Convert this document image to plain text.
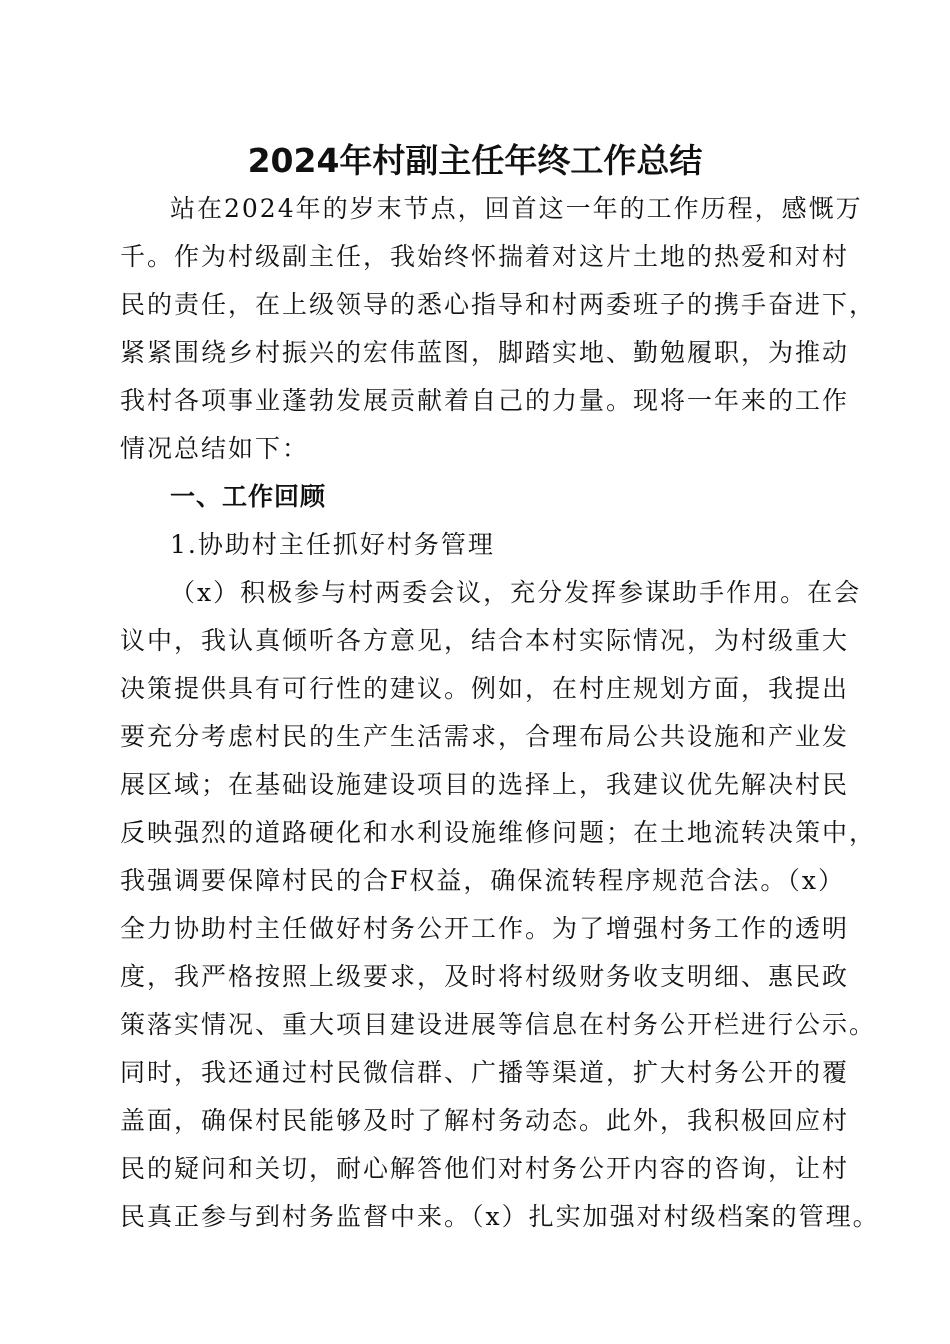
2024年村副主任年终工作总结
站在2024年的岁末节点，回首这一年的工作历程，感慨万
千。作为村级副主任，我始终怀揣着对这片土地的热爱和对村
民的责任，在上级领导的悉心指导和村两委班子的携手奋进下，
紧紧围绕乡村振兴的宏伟蓝图，脚踏实地、勤勉履职，为推动
我村各项事业蓬勃发展贡献着自己的力量。现将一年来的工作
情况总结如下：
一、工作回顾
1.协助村主任抓好村务管理
（x）积极参与村两委会议，充分发挥参谋助手作用。在会
议中，我认真倾听各方意见，结合本村实际情况，为村级重大
决策提供具有可行性的建议。例如，在村庄规划方面，我提出
要充分考虑村民的生产生活需求，合理布局公共设施和产业发
展区域；在基础设施建设项目的选择上，我建议优先解决村民
反映强烈的道路硬化和水利设施维修问题；在土地流转决策中，
我强调要保障村民的合F权益，确保流转程序规范合法。（x）
全力协助村主任做好村务公开工作。为了增强村务工作的透明
度，我严格按照上级要求，及时将村级财务收支明细、惠民政
策落实情况、重大项目建设进展等信息在村务公开栏进行公示。
同时，我还通过村民微信群、广播等渠道，扩大村务公开的覆
盖面，确保村民能够及时了解村务动态。此外，我积极回应村
民的疑问和关切，耐心解答他们对村务公开内容的咨询，让村
民真正参与到村务监督中来。（x）扎实加强对村级档案的管理。
